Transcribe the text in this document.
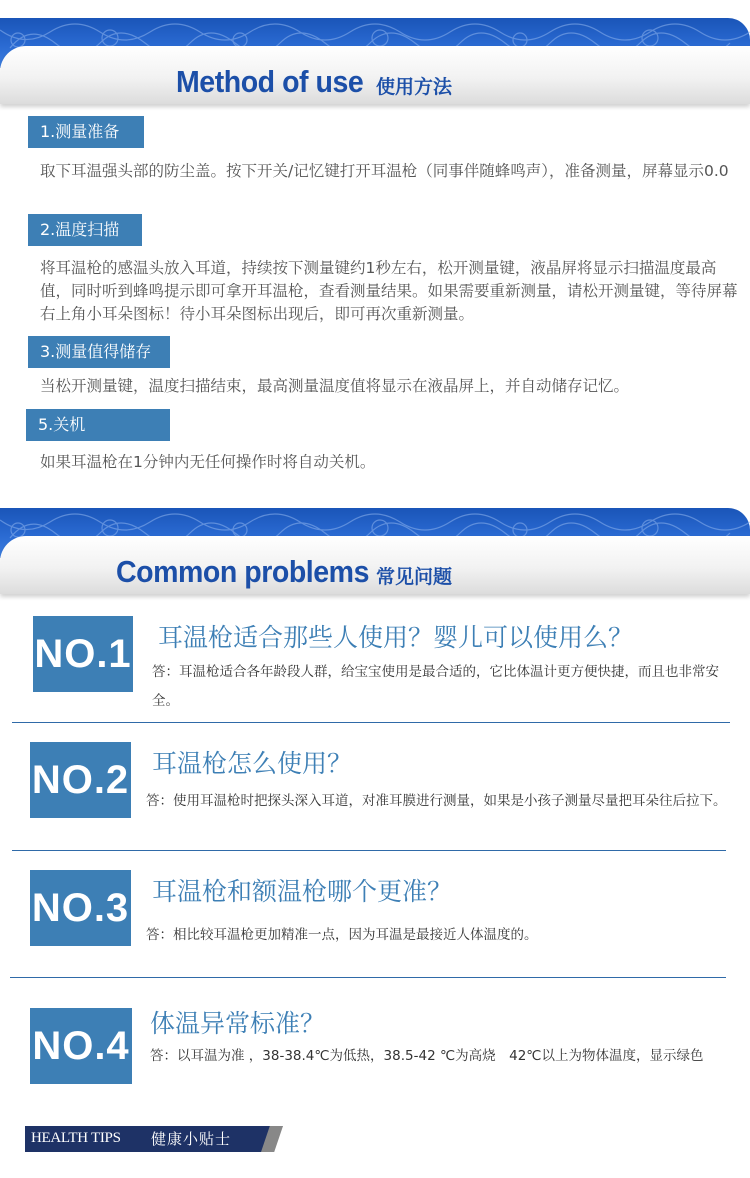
Method of use 使用方法
1.测量准备
取下耳温强头部的防尘盖。按下开关/记忆键打开耳温枪（同事伴随蜂鸣声），准备测量，屏幕显示0.0
2.温度扫描
将耳温枪的感温头放入耳道，持续按下测量键约1秒左右，松开测量键，液晶屏将显示扫描温度最高值，同时听到蜂鸣提示即可拿开耳温枪，查看测量结果。如果需要重新测量，请松开测量键，等待屏幕右上角小耳朵图标！待小耳朵图标出现后，即可再次重新测量。
3.测量值得储存
当松开测量键，温度扫描结束，最高测量温度值将显示在液晶屏上，并自动储存记忆。
5.关机
如果耳温枪在1分钟内无任何操作时将自动关机。
Common problems 常见问题
NO.1 耳温枪适合那些人使用？婴儿可以使用么？
答：耳温枪适合各年龄段人群，给宝宝使用是最合适的，它比体温计更方便快捷，而且也非常安全。
NO.2 耳温枪怎么使用？
答：使用耳温枪时把探头深入耳道，对准耳膜进行测量，如果是小孩子测量尽量把耳朵往后拉下。
NO.3 耳温枪和额温枪哪个更准？
答：相比较耳温枪更加精准一点，因为耳温是最接近人体温度的。
NO.4
体温异常标准？
答：以耳温为准 ，38-38.4℃为低热，38.5-42 ℃为高烧　42℃以上为物体温度，显示绿色
HEALTH TIPS 健康小贴士
